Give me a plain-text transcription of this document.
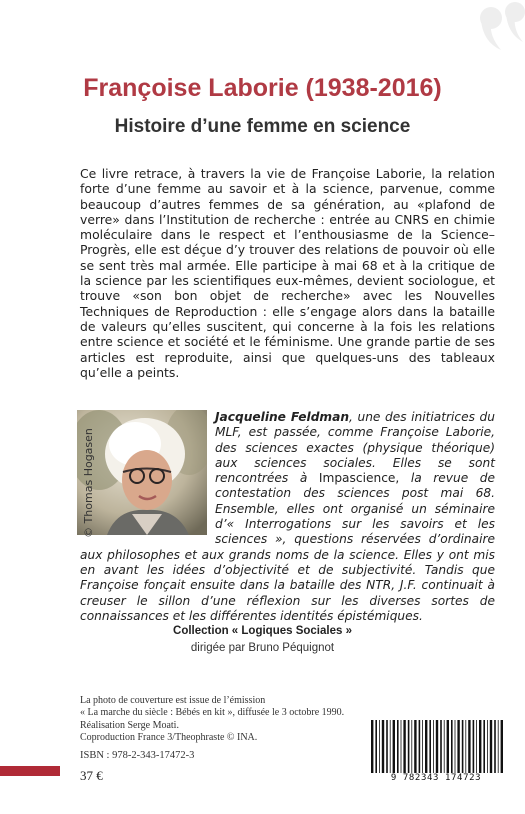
Françoise Laborie (1938-2016)
Histoire d’une femme en science

Ce livre retrace, à travers la vie de Françoise Laborie, la relation forte d’une femme au savoir et à la science, parvenue, comme beaucoup d’autres femmes de sa génération, au «plafond de verre» dans l’Institution de recherche : entrée au CNRS en chimie moléculaire dans le respect et l’enthousiasme de la Science–Progrès, elle est déçue d’y trouver des relations de pouvoir où elle se sent très mal armée. Elle participe à mai 68 et à la critique de la science par les scientifiques eux-mêmes, devient sociologue, et trouve «son bon objet de recherche» avec les Nouvelles Techniques de Reproduction : elle s’engage alors dans la bataille de valeurs qu’elles suscitent, qui concerne à la fois les relations entre science et société et le féminisme. Une grande partie de ses articles est reproduite, ainsi que quelques-uns des tableaux qu’elle a peints.

© Thomas Hogasen

Jacqueline Feldman, une des initiatrices du MLF, est passée, comme Françoise Laborie, des sciences exactes (physique théorique) aux sciences sociales. Elles se sont rencontrées à Impascience, la revue de contestation des sciences post mai 68. Ensemble, elles ont organisé un séminaire d’« Interrogations sur les savoirs et les sciences », questions réservées d’ordinaire aux philosophes et aux grands noms de la science. Elles y ont mis en avant les idées d’objectivité et de subjectivité. Tandis que Françoise fonçait ensuite dans la bataille des NTR, J.F. continuait à creuser le sillon d’une réflexion sur les diverses sortes de connaissances et les différentes identités épistémiques.

Collection « Logiques Sociales »

dirigée par Bruno Péquignot

La photo de couverture est issue de l’émission
« La marche du siècle : Bébés en kit », diffusée le 3 octobre 1990.
Réalisation Serge Moati.
Coproduction France 3/Theophraste © INA.
ISBN : 978-2-343-17472-3
37 €	9 782343 174723
